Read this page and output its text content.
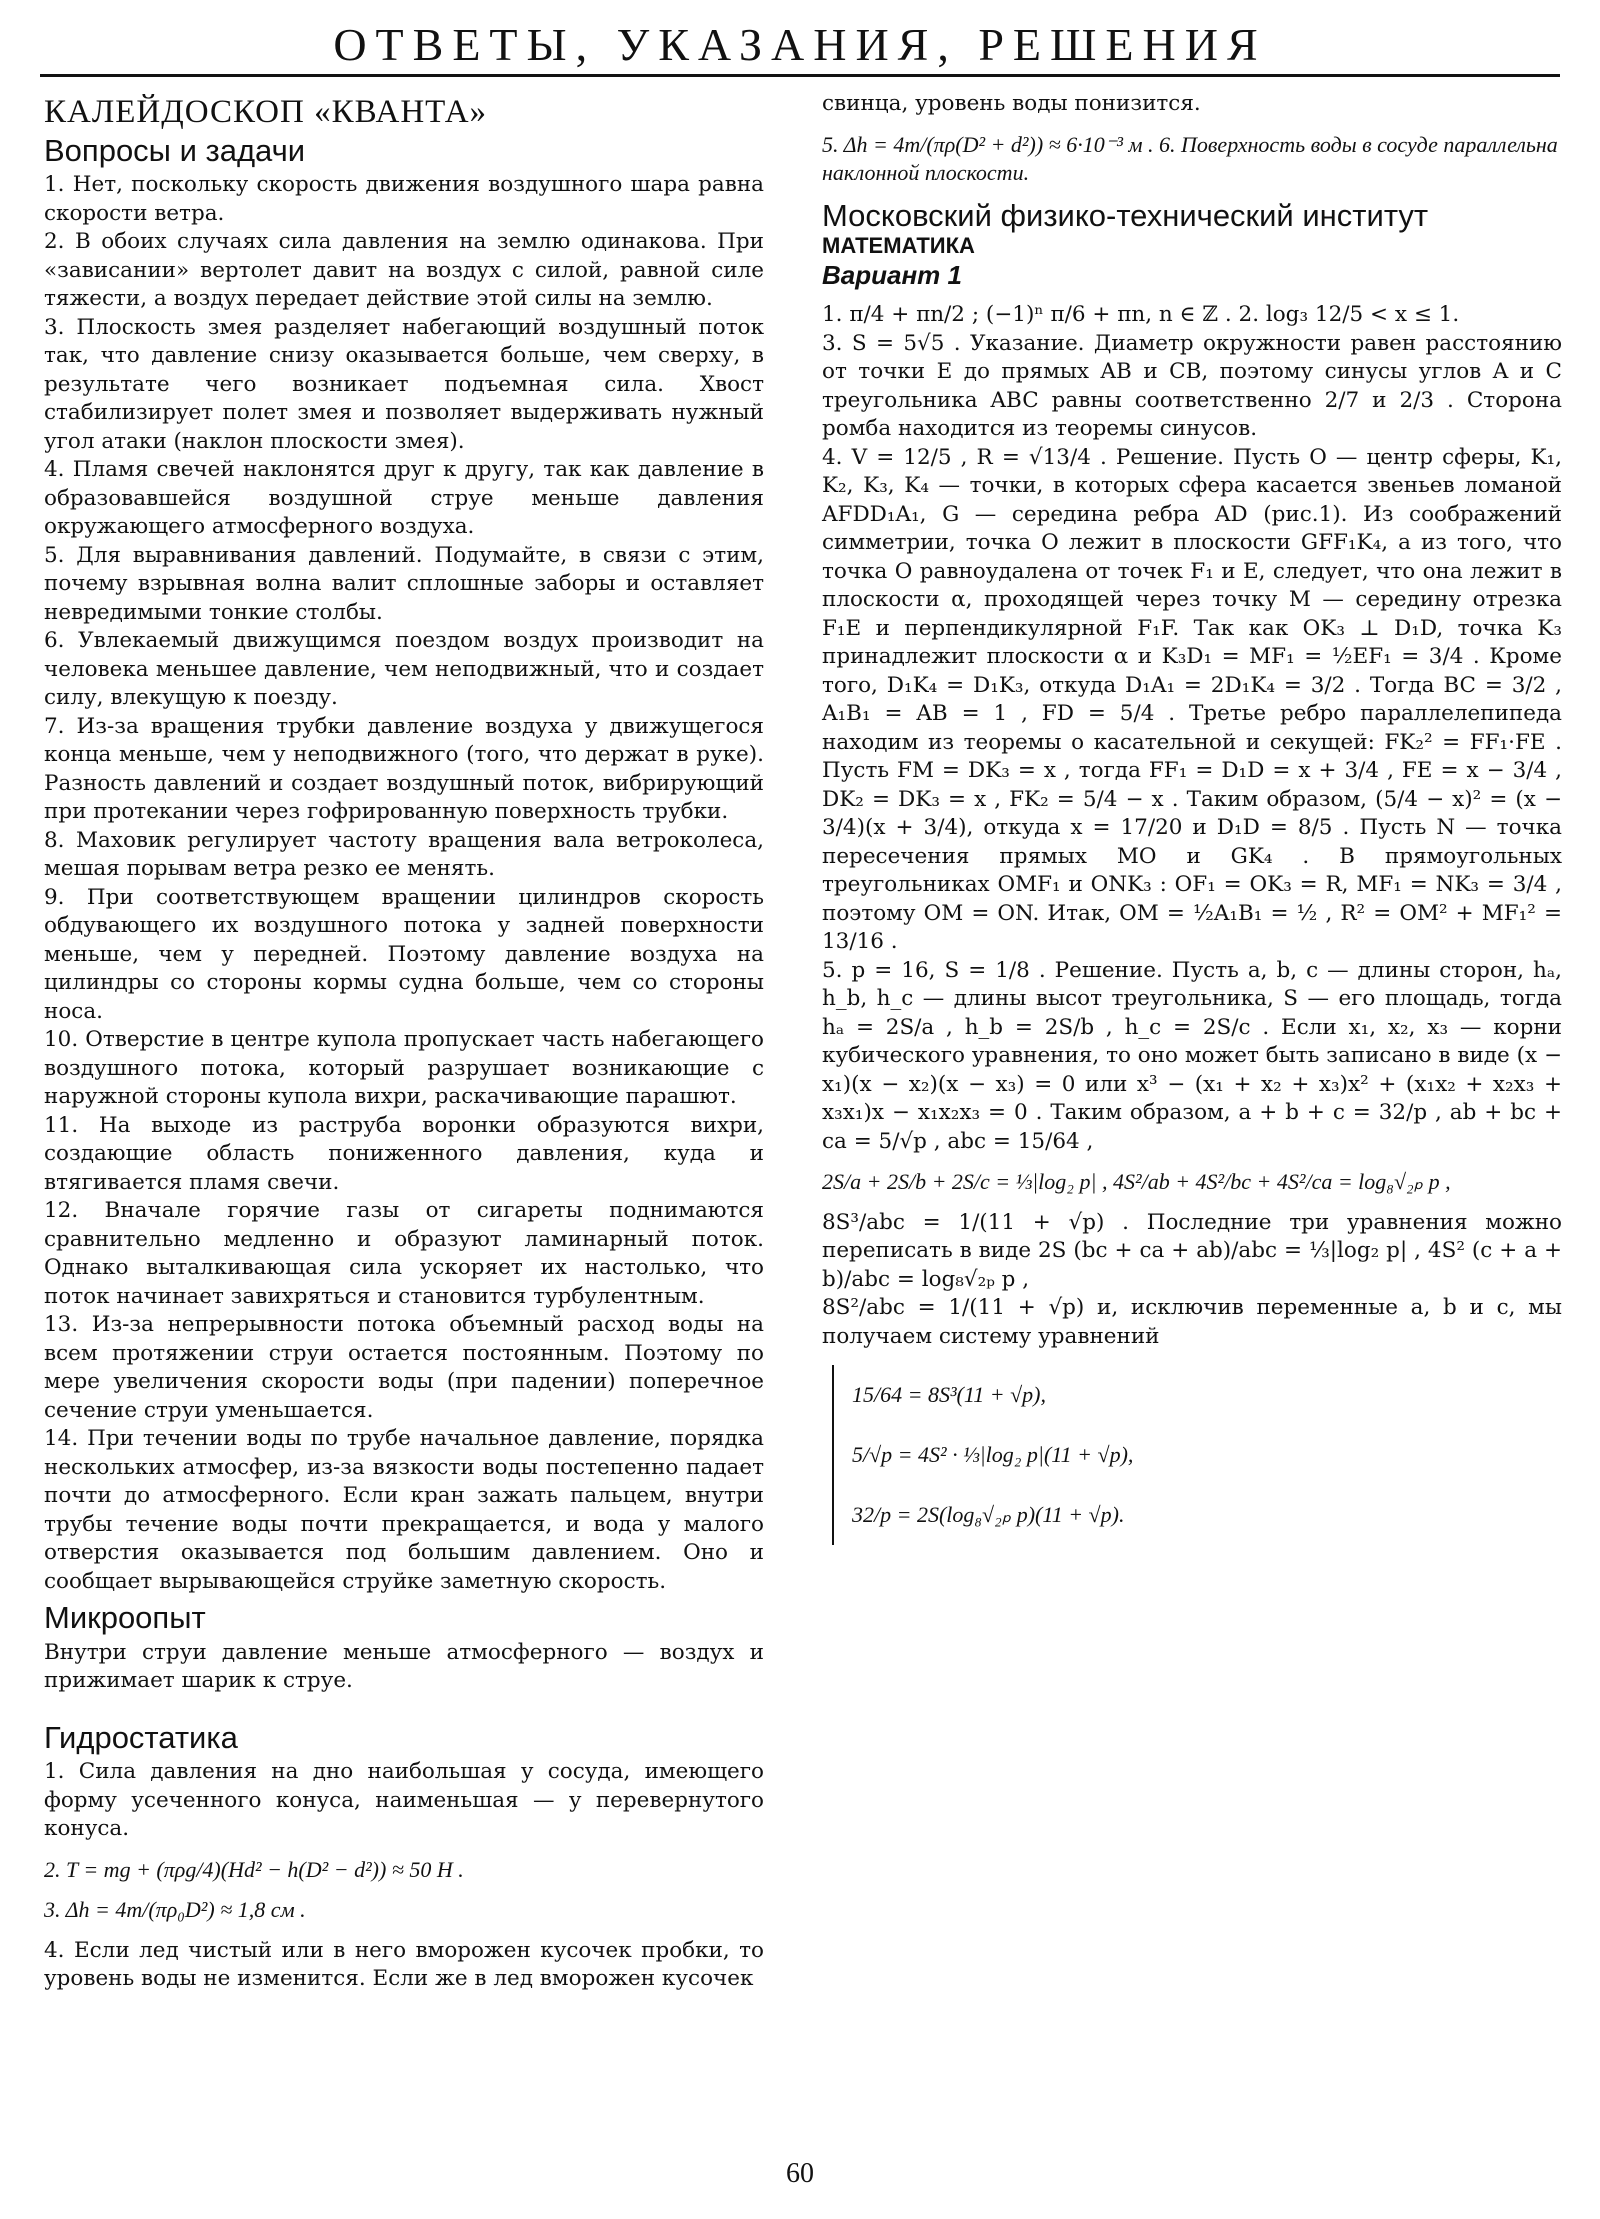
ОТВЕТЫ, УКАЗАНИЯ, РЕШЕНИЯ
КАЛЕЙДОСКОП «КВАНТА»
Вопросы и задачи

1. Нет, поскольку скорость движения воздушного шара равна скорости ветра.

2. В обоих случаях сила давления на землю одинакова. При «зависании» вертолет давит на воздух с силой, равной силе тяжести, а воздух передает действие этой силы на землю.

3. Плоскость змея разделяет набегающий воздушный поток так, что давление снизу оказывается больше, чем сверху, в результате чего возникает подъемная сила. Хвост стабилизирует полет змея и позволяет выдерживать нужный угол атаки (наклон плоскости змея).

4. Пламя свечей наклонятся друг к другу, так как давление в образовавшейся воздушной струе меньше давления окружающего атмосферного воздуха.

5. Для выравнивания давлений. Подумайте, в связи с этим, почему взрывная волна валит сплошные заборы и оставляет невредимыми тонкие столбы.

6. Увлекаемый движущимся поездом воздух производит на человека меньшее давление, чем неподвижный, что и создает силу, влекущую к поезду.

7. Из-за вращения трубки давление воздуха у движущегося конца меньше, чем у неподвижного (того, что держат в руке). Разность давлений и создает воздушный поток, вибрирующий при протекании через гофрированную поверхность трубки.

8. Маховик регулирует частоту вращения вала ветроколеса, мешая порывам ветра резко ее менять.

9. При соответствующем вращении цилиндров скорость обдувающего их воздушного потока у задней поверхности меньше, чем у передней. Поэтому давление воздуха на цилиндры со стороны кормы судна больше, чем со стороны носа.

10. Отверстие в центре купола пропускает часть набегающего воздушного потока, который разрушает возникающие с наружной стороны купола вихри, раскачивающие парашют.

11. На выходе из раструба воронки образуются вихри, создающие область пониженного давления, куда и втягивается пламя свечи.

12. Вначале горячие газы от сигареты поднимаются сравнительно медленно и образуют ламинарный поток. Однако выталкивающая сила ускоряет их настолько, что поток начинает завихряться и становится турбулентным.

13. Из-за непрерывности потока объемный расход воды на всем протяжении струи остается постоянным. Поэтому по мере увеличения скорости воды (при падении) поперечное сечение струи уменьшается.

14. При течении воды по трубе начальное давление, порядка нескольких атмосфер, из-за вязкости воды постепенно падает почти до атмосферного. Если кран зажать пальцем, внутри трубы течение воды почти прекращается, и вода у малого отверстия оказывается под большим давлением. Оно и сообщает вырывающейся струйке заметную скорость.

Микроопыт

Внутри струи давление меньше атмосферного — воздух и прижимает шарик к струе.

Гидростатика

1. Сила давления на дно наибольшая у сосуда, имеющего форму усеченного конуса, наименьшая — у перевернутого конуса.

2. T = mg + (πρg/4)(Hd² − h(D² − d²)) ≈ 50 Н .
3. Δh = 4m/(πρ₀D²) ≈ 1,8 см .

4. Если лед чистый или в него вморожен кусочек пробки, то уровень воды не изменится. Если же в лед вморожен кусочек

свинца, уровень воды понизится.

5. Δh = 4m/(πρ(D² + d²)) ≈ 6·10⁻³ м . 6. Поверхность воды в сосуде параллельна наклонной плоскости.
Московский физико-технический институт
МАТЕМАТИКА
Вариант 1

1. π/4 + πn/2 ; (−1)ⁿ π/6 + πn, n ∈ ℤ . 2. log₃ 12/5 < x ≤ 1.

3. S = 5√5 . Указание. Диаметр окружности равен расстоянию от точки E до прямых AB и CB, поэтому синусы углов A и C треугольника ABC равны соответственно 2/7 и 2/3 . Сторона ромба находится из теоремы синусов.

4. V = 12/5 , R = √13/4 . Решение. Пусть O — центр сферы, K₁, K₂, K₃, K₄ — точки, в которых сфера касается звеньев ломаной AFDD₁A₁, G — середина ребра AD (рис.1). Из соображений симметрии, точка O лежит в плоскости GFF₁K₄, а из того, что точка O равноудалена от точек F₁ и E, следует, что она лежит в плоскости α, проходящей через точку M — середину отрезка F₁E и перпендикулярной F₁F. Так как OK₃ ⊥ D₁D, точка K₃ принадлежит плоскости α и K₃D₁ = MF₁ = ½EF₁ = 3/4 . Кроме того, D₁K₄ = D₁K₃, откуда D₁A₁ = 2D₁K₄ = 3/2 . Тогда BC = 3/2 , A₁B₁ = AB = 1 , FD = 5/4 . Третье ребро параллелепипеда находим из теоремы о касательной и секущей: FK₂² = FF₁·FE . Пусть FM = DK₃ = x , тогда FF₁ = D₁D = x + 3/4 , FE = x − 3/4 , DK₂ = DK₃ = x , FK₂ = 5/4 − x . Таким образом, (5/4 − x)² = (x − 3/4)(x + 3/4), откуда x = 17/20 и D₁D = 8/5 . Пусть N — точка пересечения прямых MO и GK₄ . В прямоугольных треугольниках OMF₁ и ONK₃ : OF₁ = OK₃ = R, MF₁ = NK₃ = 3/4 , поэтому OM = ON. Итак, OM = ½A₁B₁ = ½ , R² = OM² + MF₁² = 13/16 .

5. p = 16, S = 1/8 . Решение. Пусть a, b, c — длины сторон, hₐ, h_b, h_c — длины высот треугольника, S — его площадь, тогда hₐ = 2S/a , h_b = 2S/b , h_c = 2S/c . Если x₁, x₂, x₃ — корни кубического уравнения, то оно может быть записано в виде (x − x₁)(x − x₂)(x − x₃) = 0 или x³ − (x₁ + x₂ + x₃)x² + (x₁x₂ + x₂x₃ + x₃x₁)x − x₁x₂x₃ = 0 . Таким образом, a + b + c = 32/p , ab + bc + ca = 5/√p , abc = 15/64 ,

2S/a + 2S/b + 2S/c = ⅓|log₂ p| , 4S²/ab + 4S²/bc + 4S²/ca = log₈√₂ₚ p ,

8S³/abc = 1/(11 + √p) . Последние три уравнения можно переписать в виде 2S (bc + ca + ab)/abc = ⅓|log₂ p| , 4S² (c + a + b)/abc = log₈√₂ₚ p ,

8S²/abc = 1/(11 + √p) и, исключив переменные a, b и c, мы получаем систему уравнений

15/64 = 8S³(11 + √p),
5/√p = 4S² · ⅓|log₂ p|(11 + √p),
32/p = 2S(log₈√₂ₚ p)(11 + √p).
60
